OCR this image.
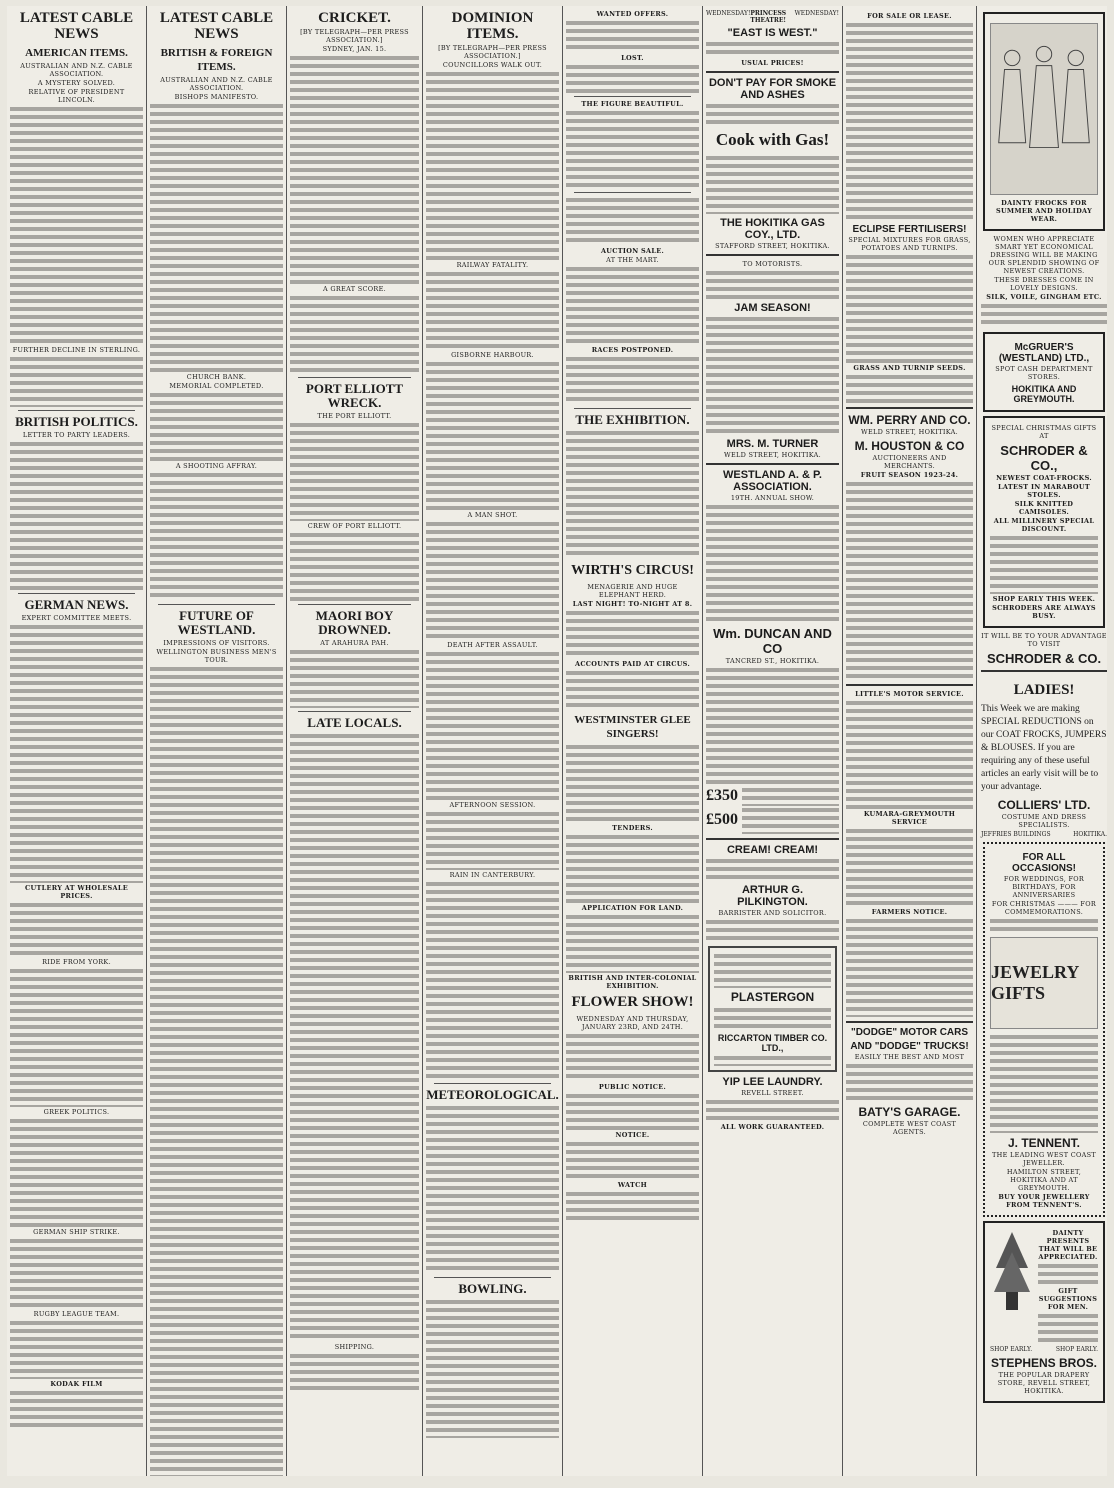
LATEST CABLE NEWS
AMERICAN ITEMS.
AUSTRALIAN AND N.Z. CABLE ASSOCIATION.
A MYSTERY SOLVED.
RELATIVE OF PRESIDENT LINCOLN.
FURTHER DECLINE IN STERLING.
BRITISH POLITICS.
LETTER TO PARTY LEADERS.
GERMAN NEWS.
EXPERT COMMITTEE MEETS.
CUTLERY AT WHOLESALE PRICES.
RIDE FROM YORK.
GREEK POLITICS.
GERMAN SHIP STRIKE.
RUGBY LEAGUE TEAM.
KODAK FILM
LATEST CABLE NEWS
BRITISH & FOREIGN ITEMS.
AUSTRALIAN AND N.Z. CABLE ASSOCIATION.
BISHOPS MANIFESTO.
CHURCH BANK.
MEMORIAL COMPLETED.
A SHOOTING AFFRAY.
FUTURE OF WESTLAND.
IMPRESSIONS OF VISITORS.
WELLINGTON BUSINESS MEN'S TOUR.
CRICKET.
[BY TELEGRAPH—PER PRESS ASSOCIATION.]
SYDNEY, JAN. 15.
A GREAT SCORE.
PORT ELLIOTT WRECK.
THE PORT ELLIOTT.
CREW OF PORT ELLIOTT.
MAORI BOY DROWNED.
AT ARAHURA PAH.
LATE LOCALS.
SHIPPING.
DOMINION ITEMS.
[BY TELEGRAPH—PER PRESS ASSOCIATION.]
COUNCILLORS WALK OUT.
RAILWAY FATALITY.
GISBORNE HARBOUR.
A MAN SHOT.
DEATH AFTER ASSAULT.
AFTERNOON SESSION.
RAIN IN CANTERBURY.
METEOROLOGICAL.
BOWLING.
WANTED OFFERS.
LOST.
THE FIGURE BEAUTIFUL.
AUCTION SALE.
AT THE MART.
RACES POSTPONED.
THE EXHIBITION.
WIRTH'S CIRCUS!
MENAGERIE AND HUGE ELEPHANT HERD.
LAST NIGHT! TO-NIGHT AT 8.
ACCOUNTS PAID AT CIRCUS.
WESTMINSTER GLEE SINGERS!
TENDERS.
APPLICATION FOR LAND.
BRITISH AND INTER-COLONIAL EXHIBITION.
FLOWER SHOW!
WEDNESDAY AND THURSDAY, JANUARY 23RD, AND 24TH.
PUBLIC NOTICE.
NOTICE.
WATCH
WEDNESDAY! PRINCESS THEATRE!
WEDNESDAY!
"EAST IS WEST."
USUAL PRICES!
DON'T PAY FOR SMOKE AND ASHES
Cook with Gas!
THE HOKITIKA GAS COY., LTD.
STAFFORD STREET, HOKITIKA.
TO MOTORISTS.
JAM SEASON!
MRS. M. TURNER
WELD STREET, HOKITIKA.
WESTLAND A. & P. ASSOCIATION.
19TH. ANNUAL SHOW.
Wm. DUNCAN AND CO
TANCRED ST., HOKITIKA.
£350
£500
CREAM! CREAM!
ARTHUR G. PILKINGTON.
BARRISTER AND SOLICITOR.
PLASTERGON
RICCARTON TIMBER CO. LTD.,
YIP LEE LAUNDRY.
REVELL STREET.
ALL WORK GUARANTEED.
FOR SALE OR LEASE.
ECLIPSE FERTILISERS!
SPECIAL MIXTURES FOR GRASS, POTATOES AND TURNIPS.
GRASS AND TURNIP SEEDS.
WM. PERRY AND CO.
WELD STREET, HOKITIKA.
M. HOUSTON & CO
AUCTIONEERS AND MERCHANTS.
FRUIT SEASON 1923-24.
LITTLE'S MOTOR SERVICE.
KUMARA-GREYMOUTH SERVICE
FARMERS NOTICE.
"DODGE" MOTOR CARS
AND "DODGE" TRUCKS!
EASILY THE BEST AND MOST
BATY'S GARAGE.
COMPLETE WEST COAST AGENTS.
DAINTY FROCKS FOR SUMMER AND HOLIDAY WEAR.
WOMEN WHO APPRECIATE SMART YET ECONOMICAL DRESSING WILL BE MAKING OUR SPLENDID SHOWING OF NEWEST CREATIONS.
THESE DRESSES COME IN LOVELY DESIGNS.
SILK, VOILE, GINGHAM ETC.
McGRUER'S (WESTLAND) LTD.,
SPOT CASH DEPARTMENT STORES.
HOKITIKA AND GREYMOUTH.
SPECIAL CHRISTMAS GIFTS AT
SCHRODER & CO.,
NEWEST COAT-FROCKS.
LATEST IN MARABOUT STOLES.
SILK KNITTED CAMISOLES.
ALL MILLINERY SPECIAL DISCOUNT.
SHOP EARLY THIS WEEK.
SCHRODERS ARE ALWAYS BUSY.
IT WILL BE TO YOUR ADVANTAGE TO VISIT
SCHRODER & CO.
LADIES!
This Week we are making SPECIAL REDUCTIONS on our COAT FROCKS, JUMPERS & BLOUSES. If you are requiring any of these useful articles an early visit will be to your advantage.
COLLIERS' LTD.
COSTUME AND DRESS SPECIALISTS.
JEFFRIES BUILDINGS	HOKITIKA.
FOR ALL OCCASIONS!
FOR WEDDINGS, FOR BIRTHDAYS, FOR ANNIVERSARIES
FOR CHRISTMAS ——— FOR COMMEMORATIONS.
JEWELRY GIFTS
J. TENNENT.
THE LEADING WEST COAST JEWELLER.
HAMILTON STREET, HOKITIKA AND AT GREYMOUTH.
BUY YOUR JEWELLERY FROM TENNENT'S.
DAINTY PRESENTS THAT WILL BE APPRECIATED.
GIFT SUGGESTIONS FOR MEN.
SHOP EARLY.	SHOP EARLY.
STEPHENS BROS.
THE POPULAR DRAPERY STORE, REVELL STREET, HOKITIKA.
